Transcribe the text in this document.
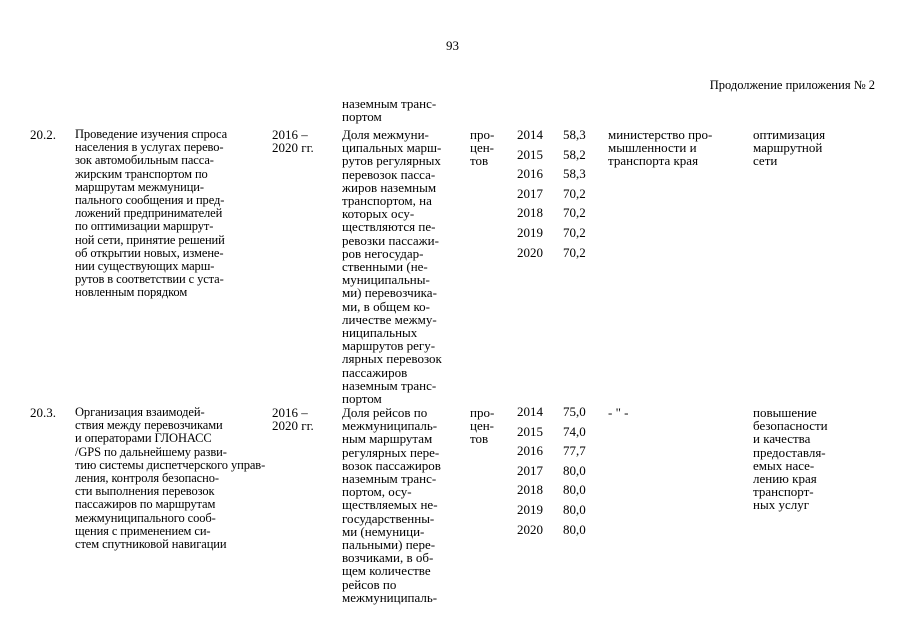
93
Продолжение приложения № 2
наземным транс-
портом
20.2. Проведение изучения спроса
населения в услугах перево-
зок автомобильным пасса-
жирским транспортом по
маршрутам межмуници-
пального сообщения и пред-
ложений предпринимателей
по оптимизации маршрут-
ной сети, принятие решений
об открытии новых, измене-
нии существующих марш-
рутов в соответствии с уста-
новленным порядком
2016 –
2020 гг.
Доля межмуни-
ципальных марш-
рутов регулярных
перевозок пасса-
жиров наземным
транспортом, на
которых осу-
ществляются пе-
ревозки пассажи-
ров негосудар-
ственными (не-
муниципальны-
ми) перевозчика-
ми, в общем ко-
личестве межму-
ниципальных
маршрутов регу-
лярных перевозок
пассажиров
наземным транс-
портом
про-
цен-
тов
2014
2015
2016
2017
2018
2019
2020
58,3
58,2
58,3
70,2
70,2
70,2
70,2
министерство про-
мышленности и
транспорта края
оптимизация
маршрутной
сети
20.3. Организация взаимодей-
ствия между перевозчиками
и операторами ГЛОНАСС
/GPS по дальнейшему разви-
тию системы диспетчерского управ-
ления, контроля безопасно-
сти выполнения перевозок
пассажиров по маршрутам
межмуниципального сооб-
щения с применением си-
стем спутниковой навигации
2016 –
2020 гг.
Доля рейсов по
межмуниципаль-
ным маршрутам
регулярных пере-
возок пассажиров
наземным транс-
портом, осу-
ществляемых не-
государственны-
ми (немуници-
пальными) пере-
возчиками, в об-
щем количестве
рейсов по
межмуниципаль-
про-
цен-
тов
2014
2015
2016
2017
2018
2019
2020
75,0
74,0
77,7
80,0
80,0
80,0
80,0
- " -	повышение
безопасности
и качества
предоставля-
емых насе-
лению края
транспорт-
ных услуг
